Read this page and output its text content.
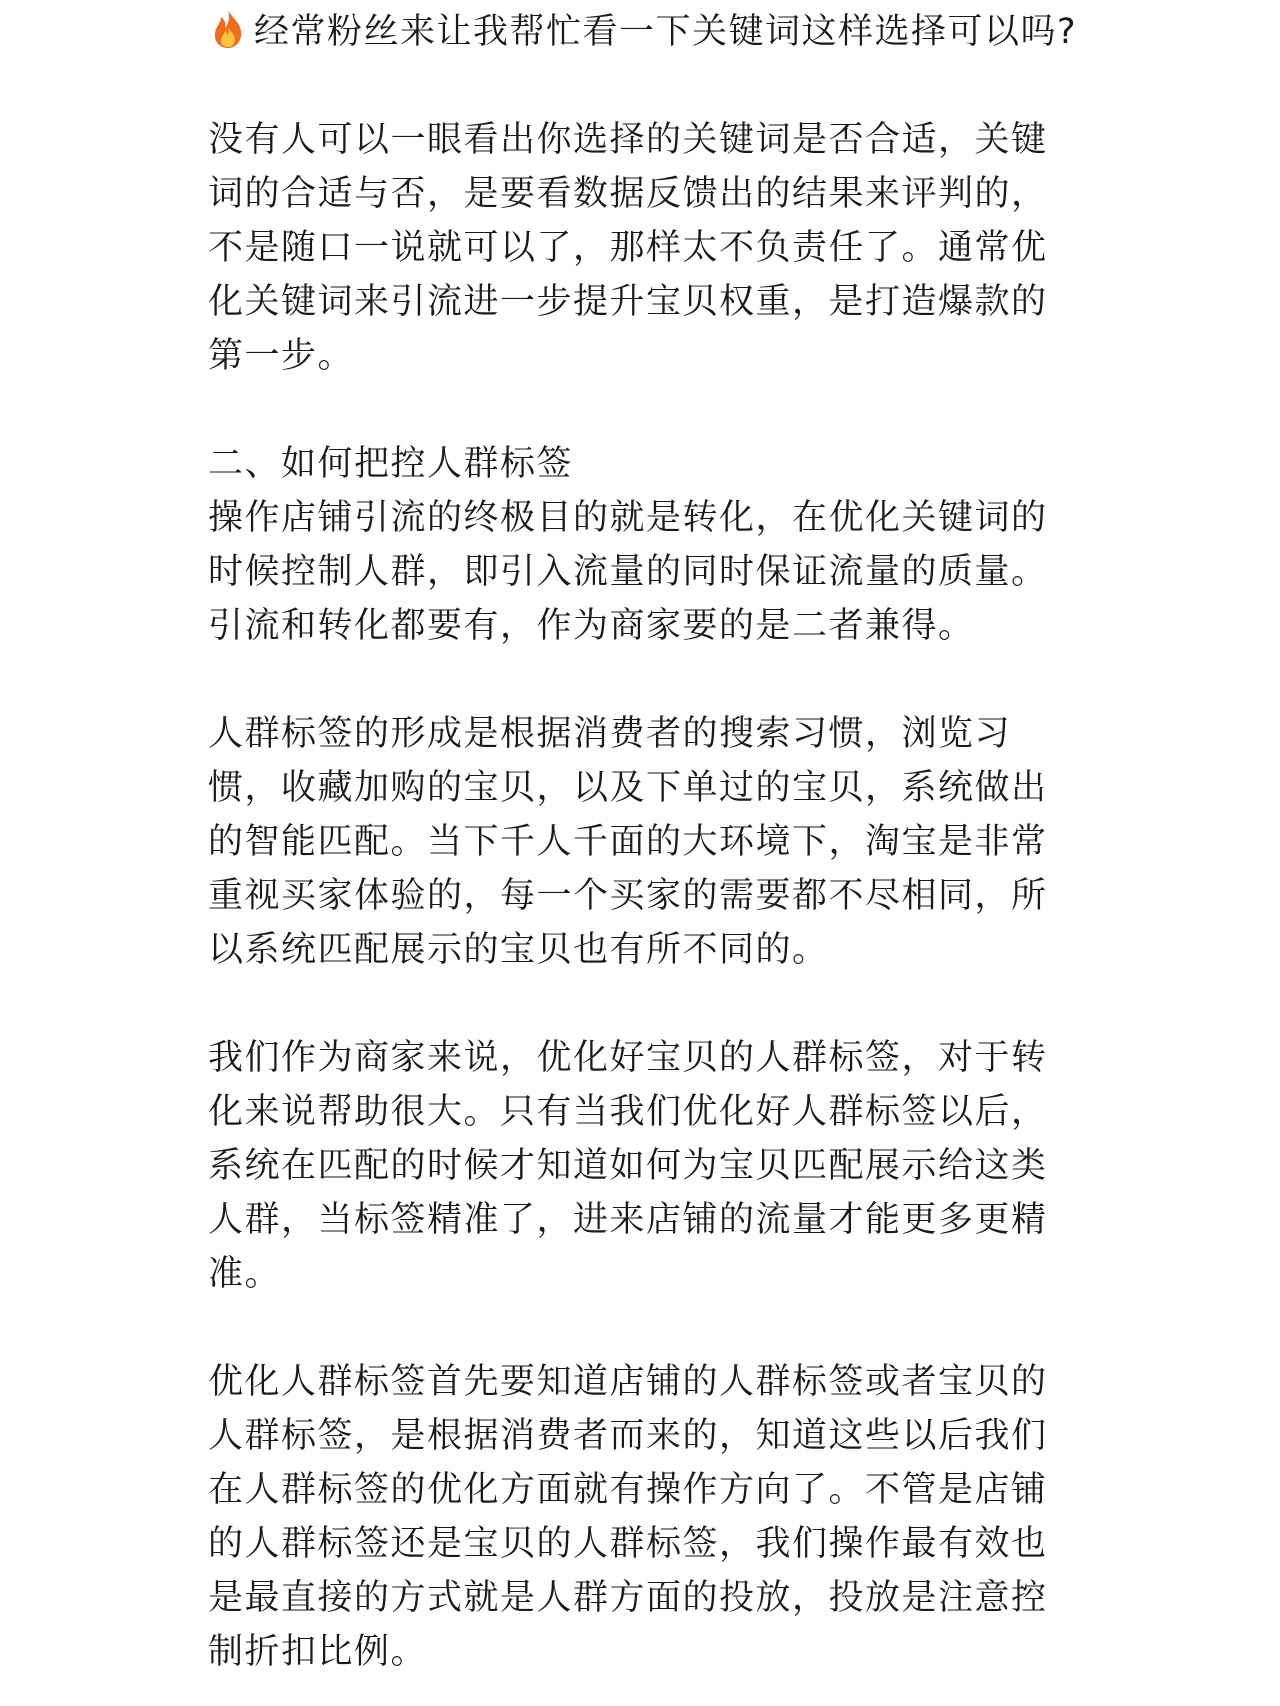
经常粉丝来让我帮忙看一下关键词这样选择可以吗?

没有人可以一眼看出你选择的关键词是否合适，关键词的合适与否，是要看数据反馈出的结果来评判的，不是随口一说就可以了，那样太不负责任了。通常优化关键词来引流进一步提升宝贝权重，是打造爆款的第一步。

二、如何把控人群标签

操作店铺引流的终极目的就是转化，在优化关键词的时候控制人群，即引入流量的同时保证流量的质量。引流和转化都要有，作为商家要的是二者兼得。

人群标签的形成是根据消费者的搜索习惯，浏览习惯，收藏加购的宝贝，以及下单过的宝贝，系统做出的智能匹配。当下千人千面的大环境下，淘宝是非常重视买家体验的，每一个买家的需要都不尽相同，所以系统匹配展示的宝贝也有所不同的。

我们作为商家来说，优化好宝贝的人群标签，对于转化来说帮助很大。只有当我们优化好人群标签以后，系统在匹配的时候才知道如何为宝贝匹配展示给这类人群，当标签精准了，进来店铺的流量才能更多更精准。

优化人群标签首先要知道店铺的人群标签或者宝贝的人群标签，是根据消费者而来的，知道这些以后我们在人群标签的优化方面就有操作方向了。不管是店铺的人群标签还是宝贝的人群标签，我们操作最有效也是最直接的方式就是人群方面的投放，投放是注意控制折扣比例。
